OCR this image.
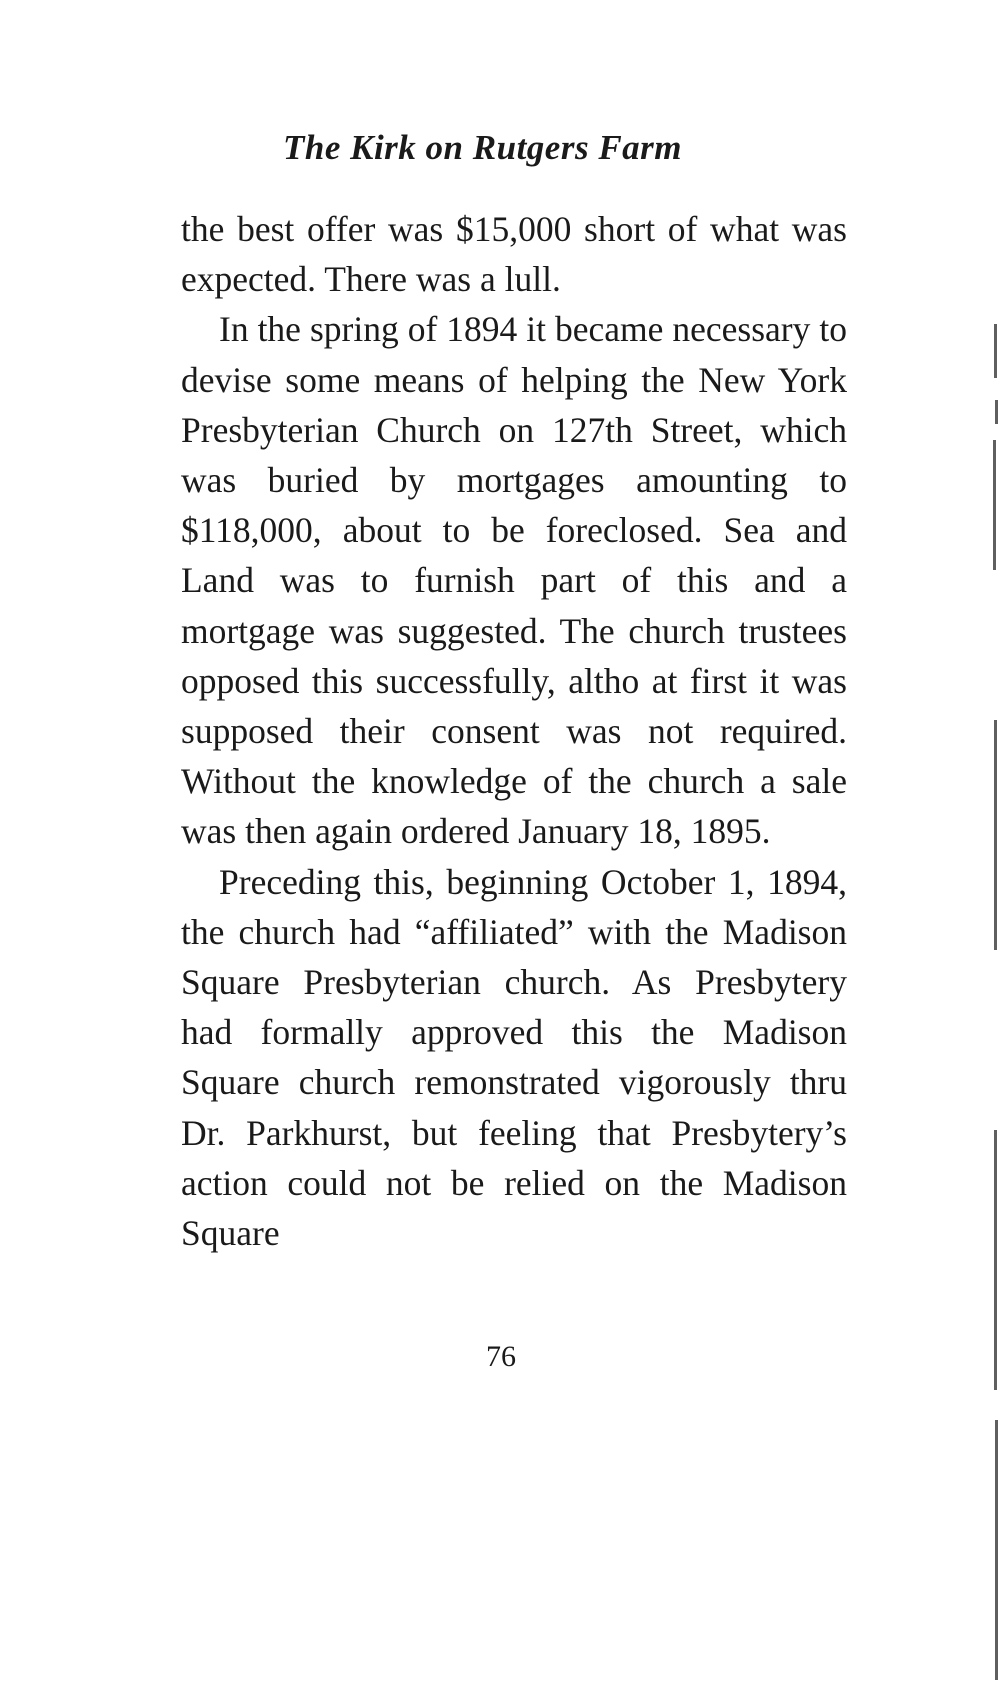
The Kirk on Rutgers Farm

the best offer was $15,000 short of what was expected. There was a lull.

In the spring of 1894 it became necessary to devise some means of helping the New York Presbyterian Church on 127th Street, which was buried by mortgages amounting to $118,000, about to be foreclosed. Sea and Land was to furnish part of this and a mortgage was suggested. The church trustees opposed this successfully, altho at first it was supposed their consent was not required. Without the knowledge of the church a sale was then again ordered January 18, 1895.

Preceding this, beginning October 1, 1894, the church had “affiliated” with the Madison Square Presbyterian church. As Presbytery had formally approved this the Madison Square church remonstrated vigorously thru Dr. Parkhurst, but feeling that Presbytery’s action could not be relied on the Madison Square

76
